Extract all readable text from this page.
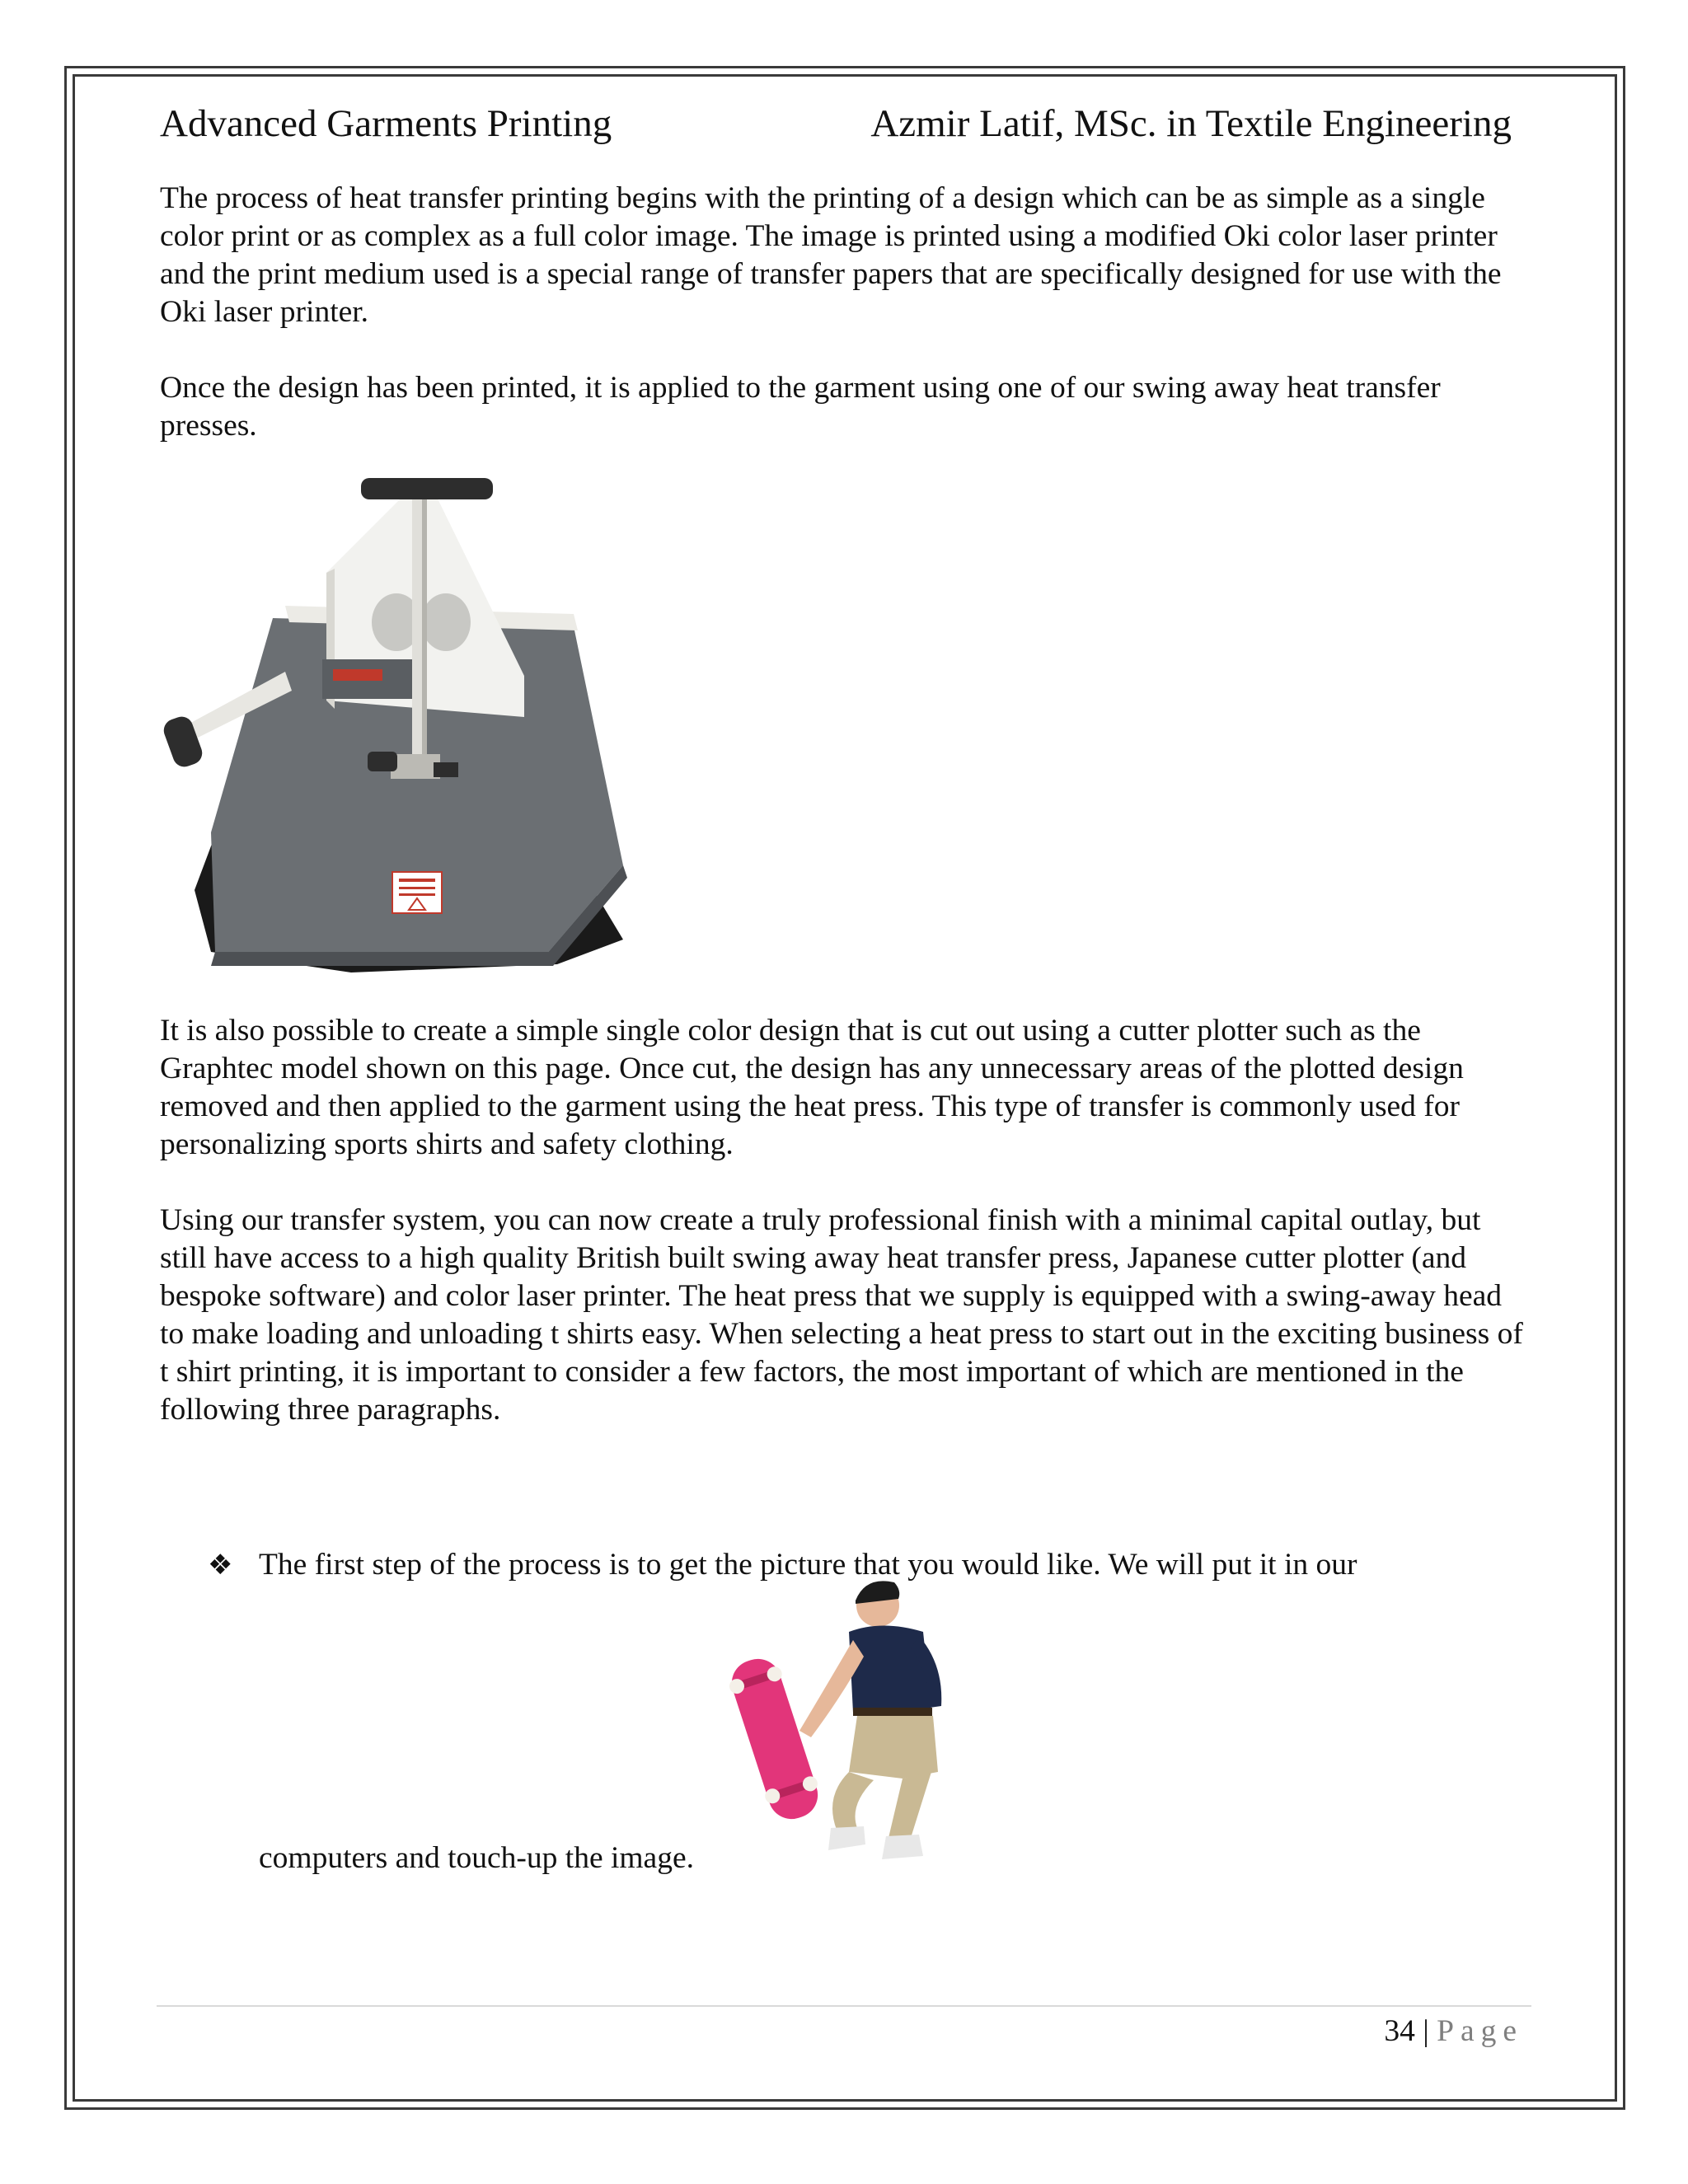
Advanced Garments Printing	Azmir Latif, MSc. in Textile Engineering

The process of heat transfer printing begins with the printing of a design which can be as simple as a single color print or as complex as a full color image. The image is printed using a modified Oki color laser printer and the print medium used is a special range of transfer papers that are specifically designed for use with the Oki laser printer.

Once the design has been printed, it is applied to the garment using one of our swing away heat transfer presses.

It is also possible to create a simple single color design that is cut out using a cutter plotter such as the Graphtec model shown on this page. Once cut, the design has any unnecessary areas of the plotted design removed and then applied to the garment using the heat press. This type of transfer is commonly used for personalizing sports shirts and safety clothing.

Using our transfer system, you can now create a truly professional finish with a minimal capital outlay, but still have access to a high quality British built swing away heat transfer press, Japanese cutter plotter (and bespoke software) and color laser printer. The heat press that we supply is equipped with a swing-away head to make loading and unloading t shirts easy. When selecting a heat press to start out in the exciting business of t shirt printing, it is important to consider a few factors, the most important of which are mentioned in the following three paragraphs.

❖ The first step of the process is to get the picture that you would like. We will put it in our
computers and touch-up the image.
34 | Page
